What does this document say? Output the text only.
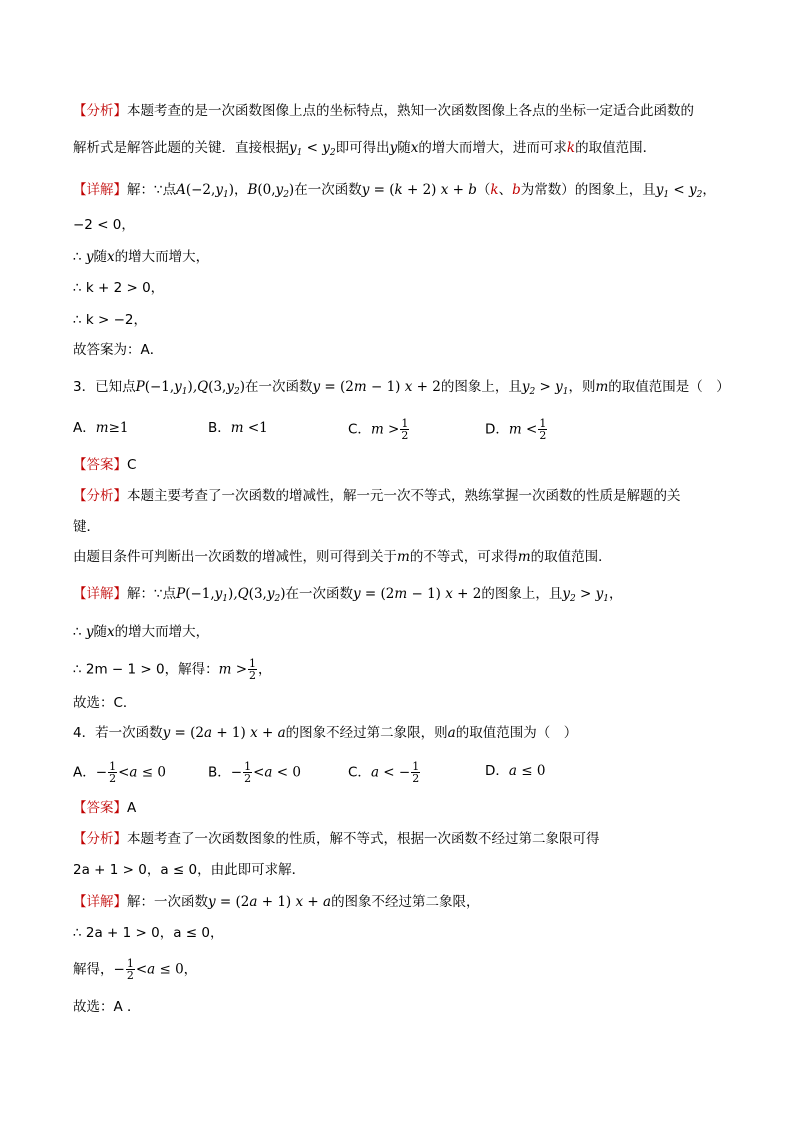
【分析】本题考查的是一次函数图像上点的坐标特点，熟知一次函数图像上各点的坐标一定适合此函数的
解析式是解答此题的关键．直接根据$y_1 < y_2$即可得出y随x的增大而增大，进而可求k的取值范围．
【详解】解：∵点$A(-2,y_1)$，$B(0,y_2)$在一次函数y = (k + 2) x + b（k、b为常数）的图象上，且$y_1 < y_2$，
−2 < 0，
∴ y随x的增大而增大，
∴ k + 2 > 0，
∴ k > −2，
故答案为：A．
3．已知点$P(-1,y_1),Q(3,y_2)$在一次函数y = (2m − 1) x + 2的图象上，且$y_2 > y_1$，则m的取值范围是（　）
A．m≥1	B．m <1	C．$m > \frac{1}{2}$	D．$m < \frac{1}{2}$
【答案】C
【分析】本题主要考查了一次函数的增减性，解一元一次不等式，熟练掌握一次函数的性质是解题的关
键．
由题目条件可判断出一次函数的增减性，则可得到关于m的不等式，可求得m的取值范围．
【详解】解：∵点$P(-1,y_1),Q(3,y_2)$在一次函数y = (2m − 1) x + 2的图象上，且$y_2 > y_1$，
∴ y随x的增大而增大，
∴ 2m − 1 > 0，解得：$m > \frac{1}{2}$ ，
故选：C．
4．若一次函数y = (2a + 1) x + a的图象不经过第二象限，则a的取值范围为（　）
A．− $\frac{1}{2} <a \le 0$	B．− $\frac{1}{2} <a < 0$	C．a < − $\frac{1}{2}$	D．a ≤ 0
【答案】A
【分析】本题考查了一次函数图象的性质，解不等式，根据一次函数不经过第二象限可得
2a + 1 > 0，a ≤ 0，由此即可求解．
【详解】解：一次函数y = (2a + 1) x + a的图象不经过第二象限，
∴ 2a + 1 > 0，a ≤ 0，
解得，− $\frac{1}{2} <a \le 0$，
故选：A ．
